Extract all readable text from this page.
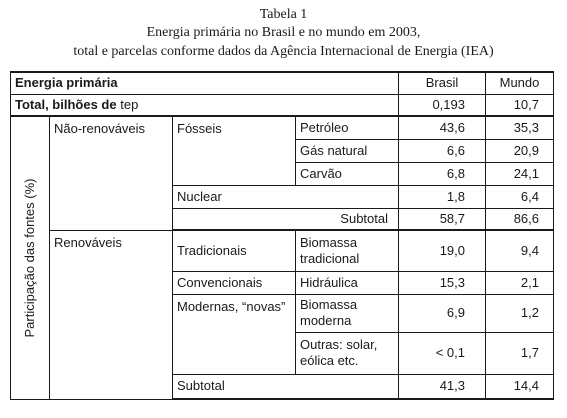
Tabela 1
Energia primária no Brasil e no mundo em 2003,
total e parcelas conforme dados da Agência Internacional de Energia (IEA)
Energia primária				Brasil	Mundo
Total, bilhões de tep				0,193	10,7

Participação das fontes (%)	Não-renováveis	Fósseis	Petróleo	43,6	35,3
			Gás natural	6,6	20,9
			Carvão	6,8	24,1
		Nuclear		1,8	6,4
		Subtotal		58,7	86,6
	Renováveis	Tradicionais	Biomassa
tradicional	19,0	9,4
		Convencionais	Hidráulica	15,3	2,1
		Modernas, “novas”	Biomassa
moderna	6,9	1,2

			Outras: solar,
eólica etc.	< 0,1	1,7
		Subtotal		41,3	14,4
